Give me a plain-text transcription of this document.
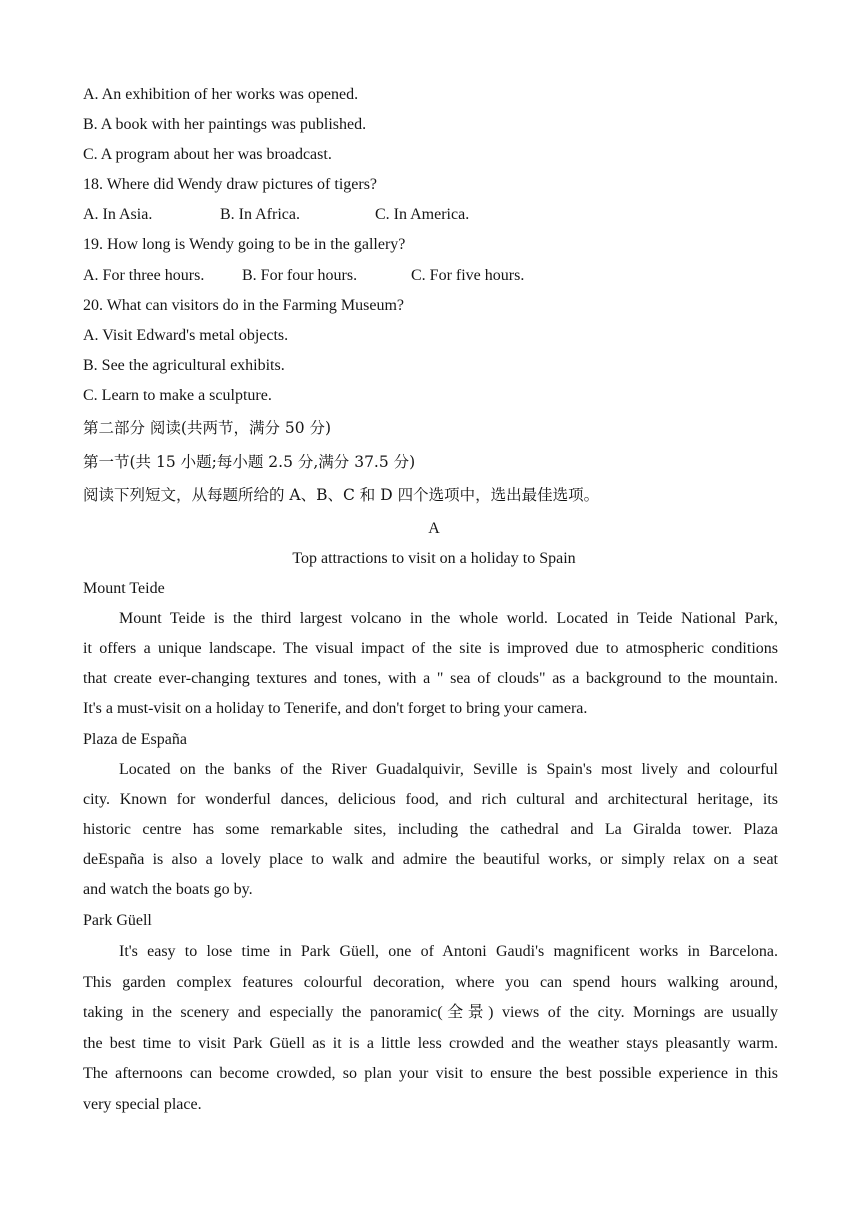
A. An exhibition of her works was opened.
B. A book with her paintings was published.
C. A program about her was broadcast.
18. Where did Wendy draw pictures of tigers?
A. In Asia.	B. In Africa.	C. In America.
19. How long is Wendy going to be in the gallery?
A. For three hours. B. For four hours.	C. For five hours.
20. What can visitors do in the Farming Museum?
A. Visit Edward's metal objects.
B. See the agricultural exhibits.
C. Learn to make a sculpture.
第二部分 阅读(共两节，满分 50 分)
第一节(共 15 小题;每小题 2.5 分,满分 37.5 分)
阅读下列短文，从每题所给的 A、B、C 和 D 四个选项中，选出最佳选项。
A
Top attractions to visit on a holiday to Spain
Mount Teide
Mount Teide is the third largest volcano in the whole world. Located in Teide National Park,
it offers a unique landscape. The visual impact of the site is improved due to atmospheric conditions
that create ever-changing textures and tones, with a " sea of clouds" as a background to the mountain.
It's a must-visit on a holiday to Tenerife, and don't forget to bring your camera.
Plaza de España
Located on the banks of the River Guadalquivir, Seville is Spain's most lively and colourful
city. Known for wonderful dances, delicious food, and rich cultural and architectural heritage, its
historic centre has some remarkable sites, including the cathedral and La Giralda tower. Plaza
deEspaña is also a lovely place to walk and admire the beautiful works, or simply relax on a seat
and watch the boats go by.
Park Güell
It's easy to lose time in Park Güell, one of Antoni Gaudi's magnificent works in Barcelona.
This garden complex features colourful decoration, where you can spend hours walking around,
taking in the scenery and especially the panoramic(全景) views of the city. Mornings are usually
the best time to visit Park Güell as it is a little less crowded and the weather stays pleasantly warm.
The afternoons can become crowded, so plan your visit to ensure the best possible experience in this
very special place.
